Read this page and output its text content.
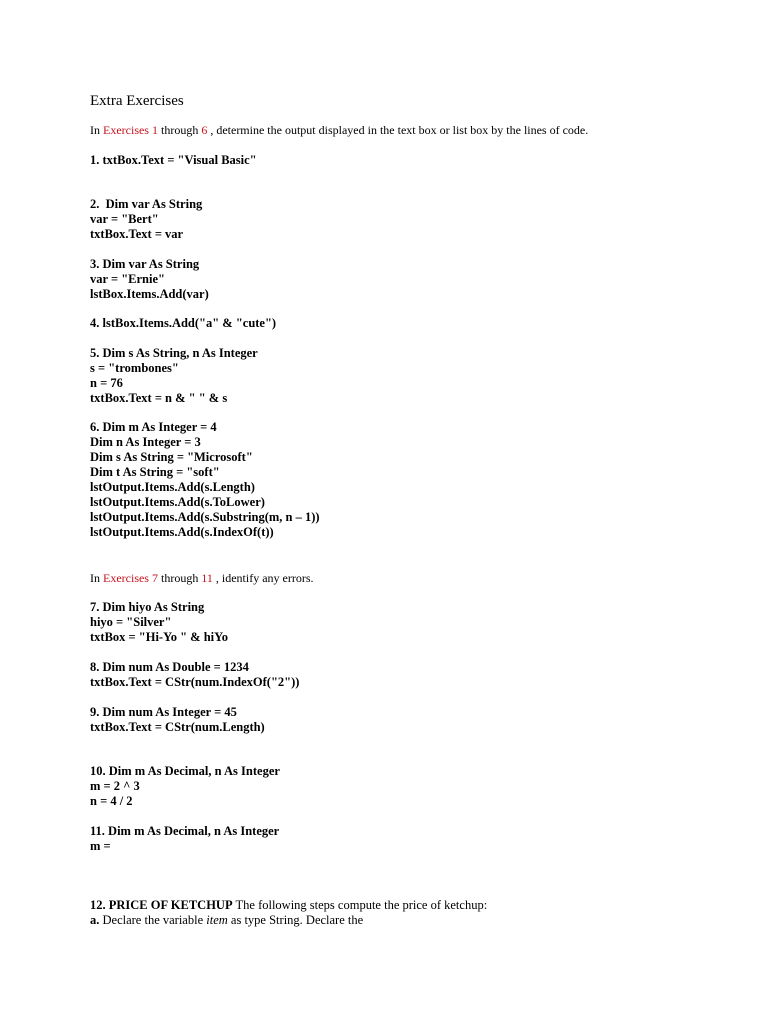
Extra Exercises

In Exercises 1 through 6 , determine the output displayed in the text box or list box by the lines of code.

1. txtBox.Text = "Visual Basic"

2.  Dim var As String

var = "Bert"

txtBox.Text = var

3. Dim var As String

var = "Ernie"

lstBox.Items.Add(var)

4. lstBox.Items.Add("a" & "cute")

5. Dim s As String, n As Integer

s = "trombones"

n = 76

txtBox.Text = n & " " & s

6. Dim m As Integer = 4

Dim n As Integer = 3

Dim s As String = "Microsoft"

Dim t As String = "soft"

lstOutput.Items.Add(s.Length)

lstOutput.Items.Add(s.ToLower)

lstOutput.Items.Add(s.Substring(m, n – 1))

lstOutput.Items.Add(s.IndexOf(t))

In Exercises 7 through 11 , identify any errors.

7. Dim hiyo As String

hiyo = "Silver"

txtBox = "Hi-Yo " & hiYo

8. Dim num As Double = 1234

txtBox.Text = CStr(num.IndexOf("2"))

9. Dim num As Integer = 45

txtBox.Text = CStr(num.Length)

10. Dim m As Decimal, n As Integer

m = 2 ^ 3

n = 4 / 2

11. Dim m As Decimal, n As Integer

m =

12. PRICE OF KETCHUP The following steps compute the price of ketchup:

a. Declare the variable item as type String. Declare the
